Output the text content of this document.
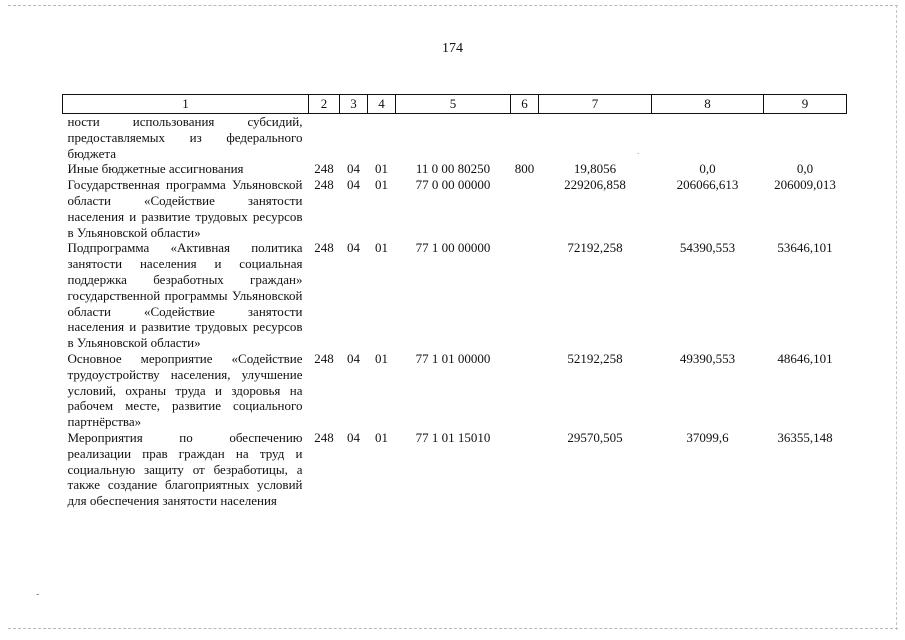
-
.
174
1	2	3	4	5	6	7	8	9
ности использования субсидий, предоставляемых из федерального бюджета								
Иные бюджетные ассигнования	248	04	01	11 0 00 80250	800	19,8056	0,0	0,0
Государственная программа Ульяновской области «Содействие занятости населения и развитие трудовых ресурсов в Ульяновской области»	248	04	01	77 0 00 00000		229206,858	206066,613	206009,013
Подпрограмма «Активная политика занятости населения и социальная поддержка безработных граждан» государственной программы Ульяновской области «Содействие занятости населения и развитие трудовых ресурсов в Ульяновской области»	248	04	01	77 1 00 00000		72192,258	54390,553	53646,101
Основное мероприятие «Содействие трудоустройству населения, улучшение условий, охраны труда и здоровья на рабочем месте, развитие социального партнёрства»	248	04	01	77 1 01 00000		52192,258	49390,553	48646,101
Мероприятия по обеспечению реализации прав граждан на труд и социальную защиту от безработицы, а также создание благоприятных условий для обеспечения занятости населения	248	04	01	77 1 01 15010		29570,505	37099,6	36355,148
